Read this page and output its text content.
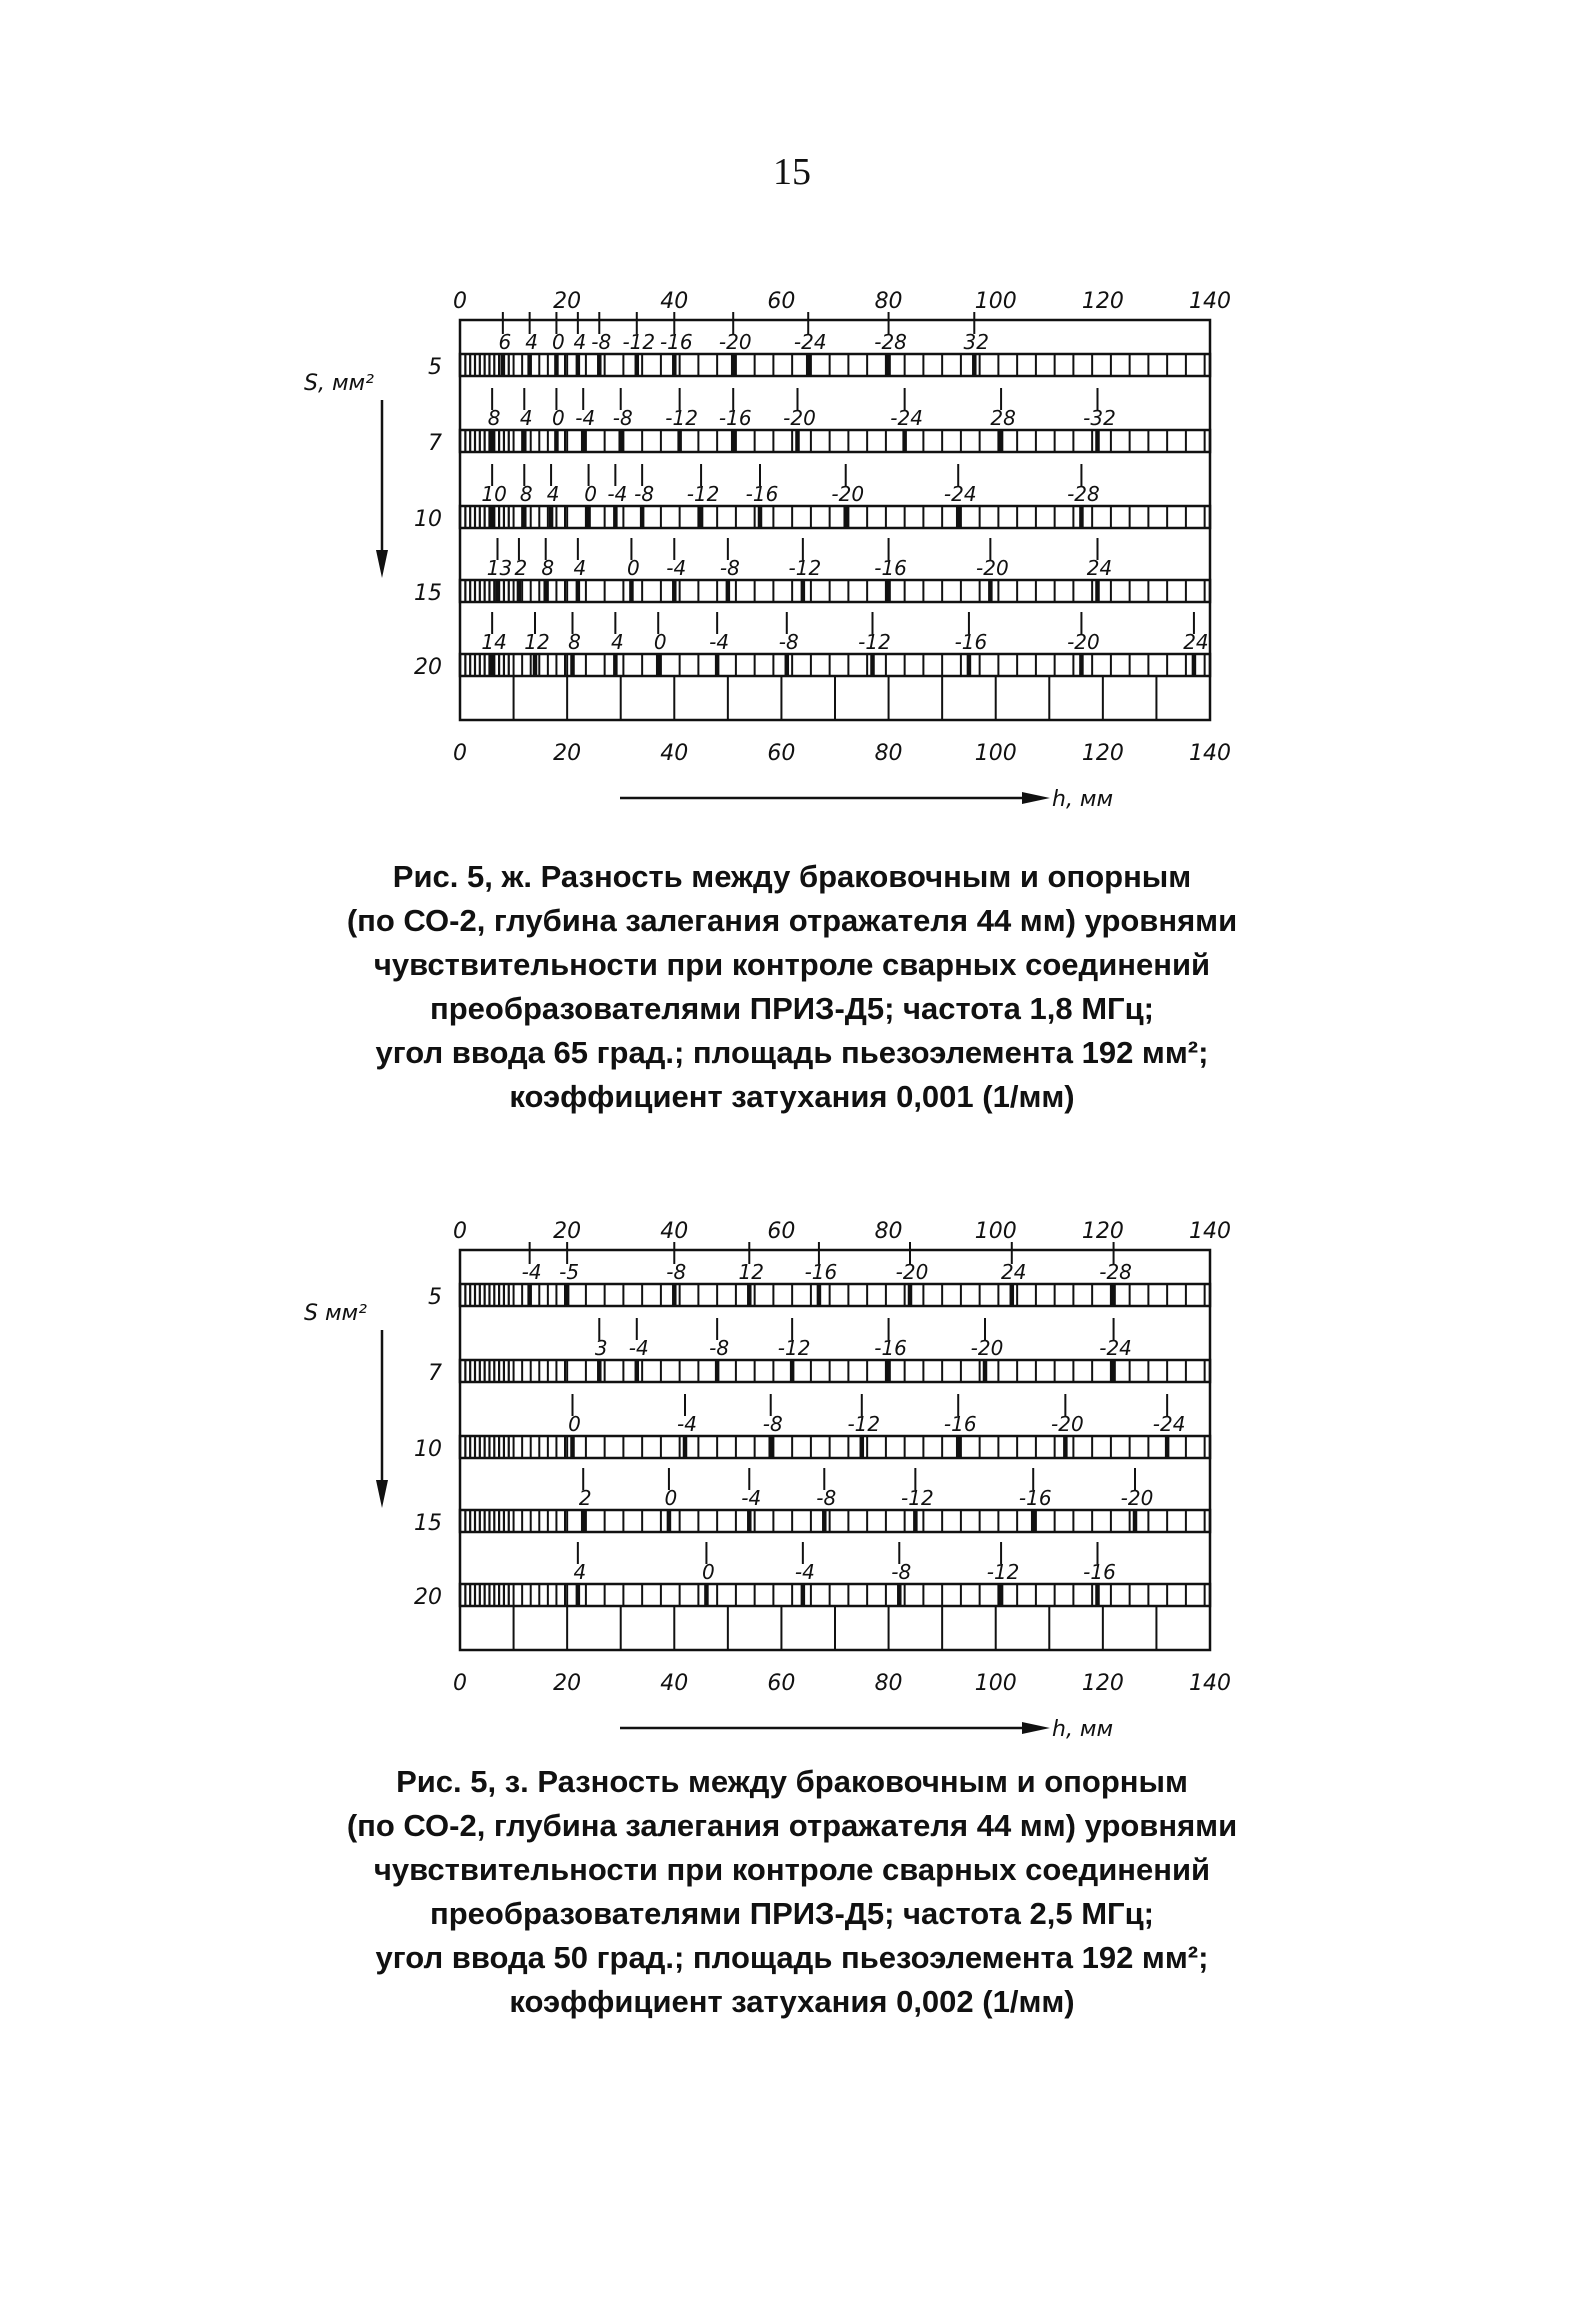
15
0	20	40	60	80	100	120	140
0	20	40	60	80	100	120	140
5
6 4 0 4 -8 -12 -16 -20 -24 -28	32
7
8 4 0 -4 -8 -12 -16 -20	-24	28	-32
10
10 8 4 0 -4 -8 -12 -16	-20	-24	-28
15
13 2 8 4 0 -4 -8 -12	-16	-20	24
20
14 12 8 4 0 -4 -8	-12	-16	-20	24
S, мм²
h, мм
Рис. 5, ж. Разность между браковочным и опорным
(по СО-2, глубина залегания отражателя 44 мм) уровнями
чувствительности при контроле сварных соединений
преобразователями ПРИЗ-Д5; частота 1,8 МГц;
угол ввода 65 град.; площадь пьезоэлемента 192 мм²;
коэффициент затухания 0,001 (1/мм)
0	20	40	60	80	100	120	140
0	20	40	60	80	100	120	140
5
-4 -5	-8	12 -16	-20	24	-28
7
3 -4	-8 -12	-16	-20	-24
10
0	-4	-8	-12	-16	-20	-24
15
2	0	-4	-8	-12	-16	-20
20
4	0	-4	-8	-12	-16
S мм²
h, мм
Рис. 5, з. Разность между браковочным и опорным
(по СО-2, глубина залегания отражателя 44 мм) уровнями
чувствительности при контроле сварных соединений
преобразователями ПРИЗ-Д5; частота 2,5 МГц;
угол ввода 50 град.; площадь пьезоэлемента 192 мм²;
коэффициент затухания 0,002 (1/мм)
